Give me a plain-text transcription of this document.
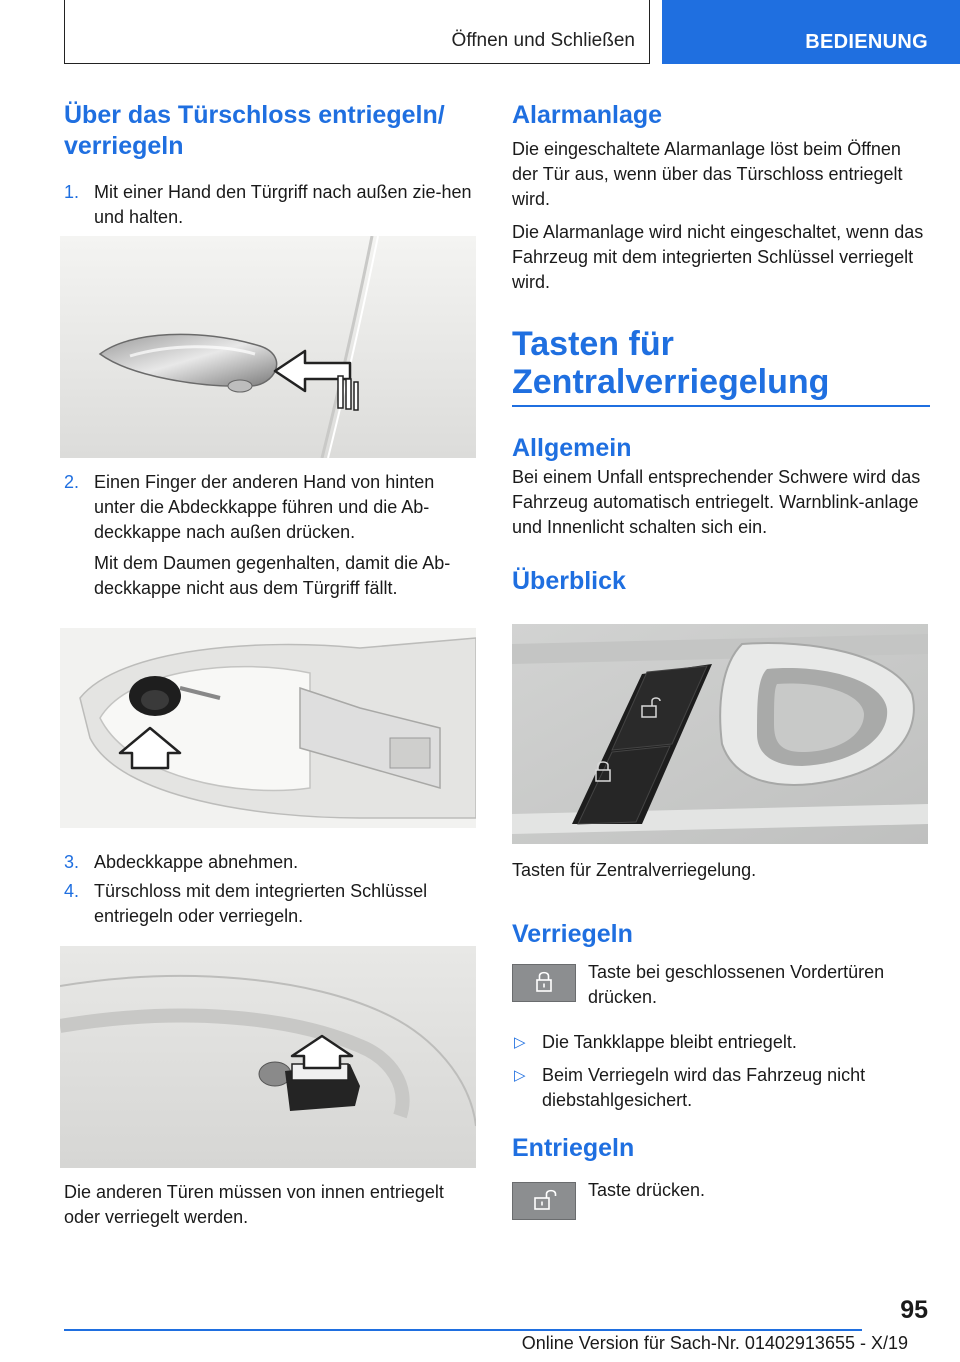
Öffnen und Schließen	BEDIENUNG
Über das Türschloss entriegeln/ verriegeln
1. Mit einer Hand den Türgriff nach außen zie‐hen und halten.
2. Einen Finger der anderen Hand von hinten unter die Abdeckkappe führen und die Ab‐deckkappe nach außen drücken.
Mit dem Daumen gegenhalten, damit die Ab‐deckkappe nicht aus dem Türgriff fällt.
3. Abdeckkappe abnehmen.
4. Türschloss mit dem integrierten Schlüssel entriegeln oder verriegeln.

Die anderen Türen müssen von innen entriegelt oder verriegelt werden.

Alarmanlage

Die eingeschaltete Alarmanlage löst beim Öffnen der Tür aus, wenn über das Türschloss entriegelt wird.

Die Alarmanlage wird nicht eingeschaltet, wenn das Fahrzeug mit dem integrierten Schlüssel verriegelt wird.

Tasten für Zentralverriegelung
Allgemein

Bei einem Unfall entsprechender Schwere wird das Fahrzeug automatisch entriegelt. Warnblink‐anlage und Innenlicht schalten sich ein.

Überblick

Tasten für Zentralverriegelung.

Verriegeln

Taste bei geschlossenen Vordertüren drücken.

▷ Die Tankklappe bleibt entriegelt.
▷ Beim Verriegeln wird das Fahrzeug nicht diebstahlgesichert.
Entriegeln

Taste drücken.

95
Online Version für Sach-Nr. 01402913655 - X/19
